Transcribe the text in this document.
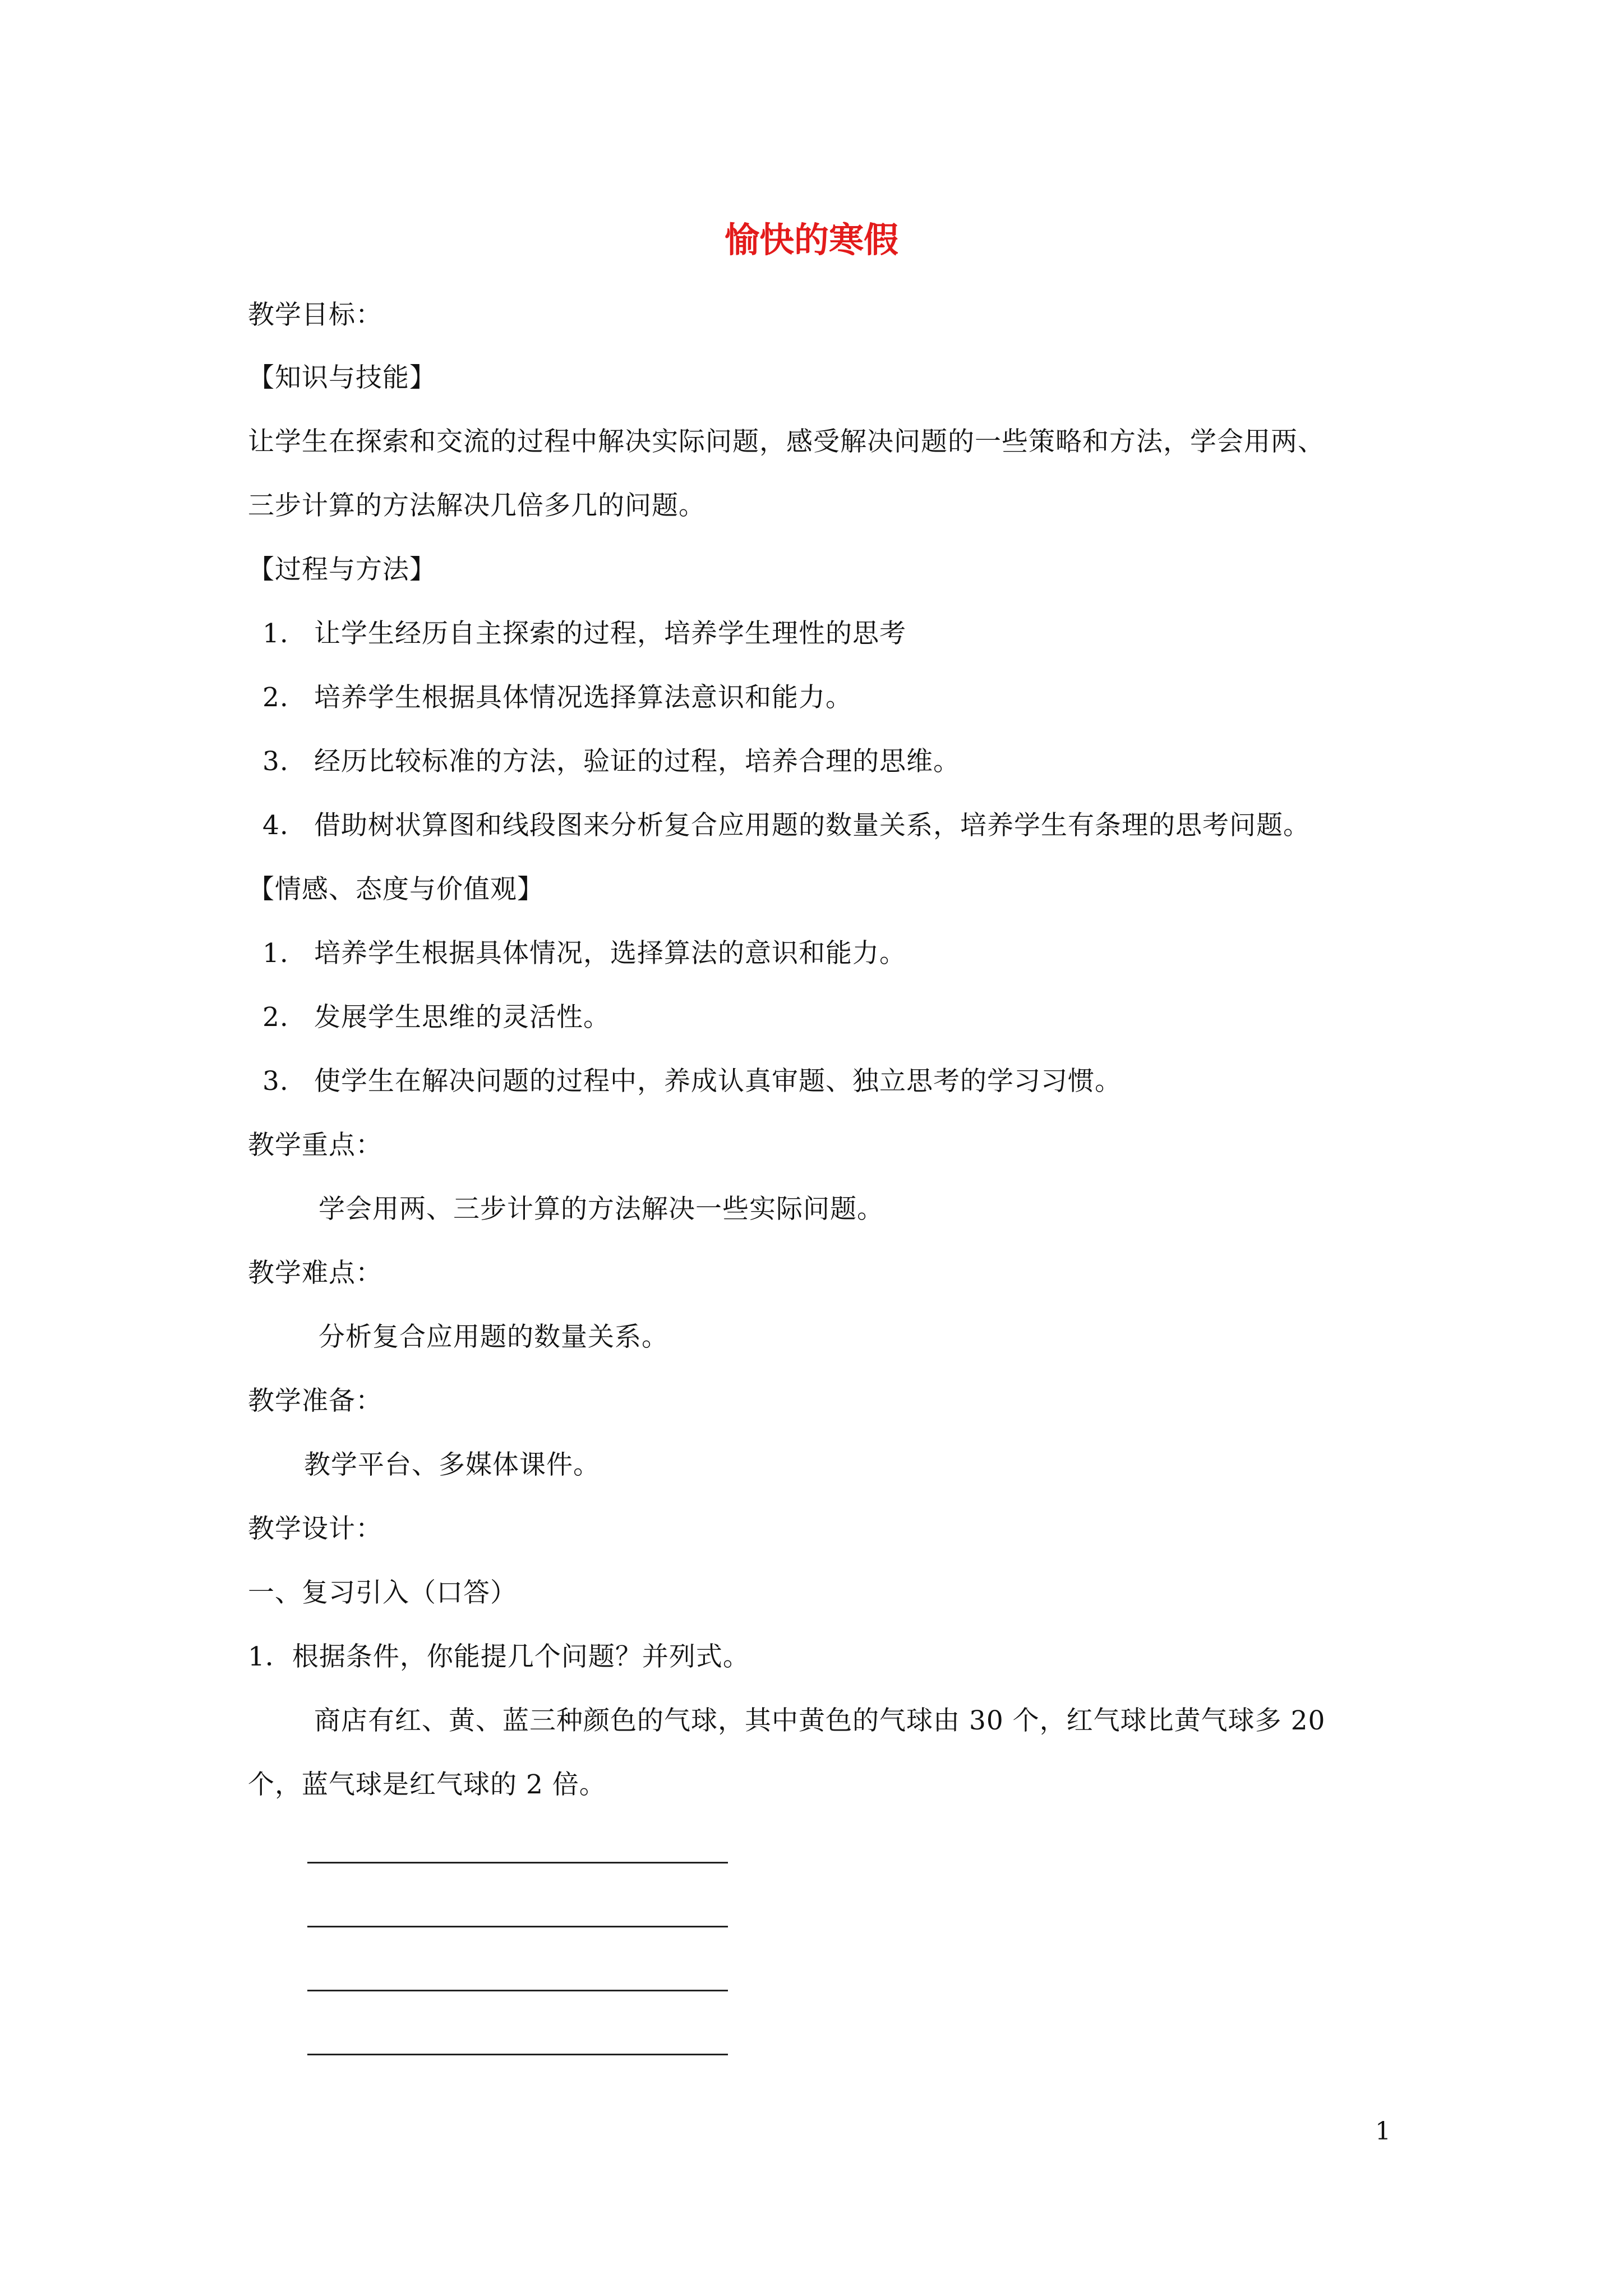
愉快的寒假
教学目标：
【知识与技能】
让学生在探索和交流的过程中解决实际问题，感受解决问题的一些策略和方法，学会用两、
三步计算的方法解决几倍多几的问题。
【过程与方法】
1. 让学生经历自主探索的过程，培养学生理性的思考
2. 培养学生根据具体情况选择算法意识和能力。
3. 经历比较标准的方法，验证的过程，培养合理的思维。
4. 借助树状算图和线段图来分析复合应用题的数量关系，培养学生有条理的思考问题。
【情感、态度与价值观】
1. 培养学生根据具体情况，选择算法的意识和能力。
2. 发展学生思维的灵活性。
3. 使学生在解决问题的过程中，养成认真审题、独立思考的学习习惯。
教学重点：
学会用两、三步计算的方法解决一些实际问题。
教学难点：
分析复合应用题的数量关系。
教学准备：
教学平台、多媒体课件。
教学设计：
一、复习引入（口答）
1．根据条件，你能提几个问题？并列式。
商店有红、黄、蓝三种颜色的气球，其中黄色的气球由 30 个，红气球比黄气球多 20
个，蓝气球是红气球的 2 倍。
1
